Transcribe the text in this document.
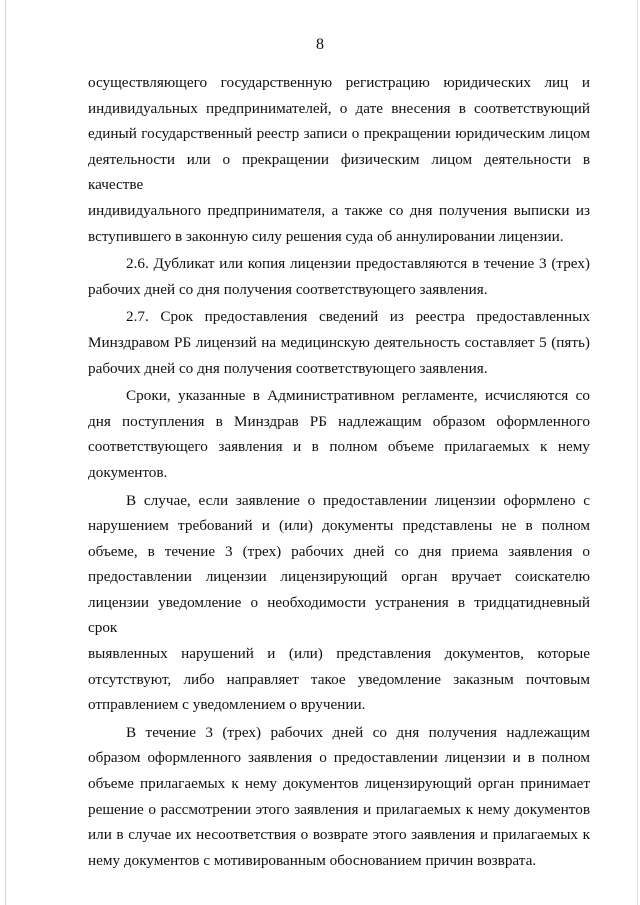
8

осуществляющего государственную регистрацию юридических лиц и
индивидуальных предпринимателей, о дате внесения в соответствующий
единый государственный реестр записи о прекращении юридическим лицом
деятельности или о прекращении физическим лицом деятельности в качестве
индивидуального предпринимателя, а также со дня получения выписки из
вступившего в законную силу решения суда об аннулировании лицензии.

2.6. Дубликат или копия лицензии предоставляются в течение 3 (трех)
рабочих дней со дня получения соответствующего заявления.

2.7. Срок предоставления сведений из реестра предоставленных
Минздравом РБ лицензий на медицинскую деятельность составляет 5 (пять)
рабочих дней со дня получения соответствующего заявления.

Сроки, указанные в Административном регламенте, исчисляются со
дня поступления в Минздрав РБ надлежащим образом оформленного
соответствующего заявления и в полном объеме прилагаемых к нему
документов.

В случае, если заявление о предоставлении лицензии оформлено с
нарушением требований и (или) документы представлены не в полном
объеме, в течение 3 (трех) рабочих дней со дня приема заявления о
предоставлении лицензии лицензирующий орган вручает соискателю
лицензии уведомление о необходимости устранения в тридцатидневный срок
выявленных нарушений и (или) представления документов, которые
отсутствуют, либо направляет такое уведомление заказным почтовым
отправлением с уведомлением о вручении.

В течение 3 (трех) рабочих дней со дня получения надлежащим
образом оформленного заявления о предоставлении лицензии и в полном
объеме прилагаемых к нему документов лицензирующий орган принимает
решение о рассмотрении этого заявления и прилагаемых к нему документов
или в случае их несоответствия о возврате этого заявления и прилагаемых к
нему документов с мотивированным обоснованием причин возврата.
